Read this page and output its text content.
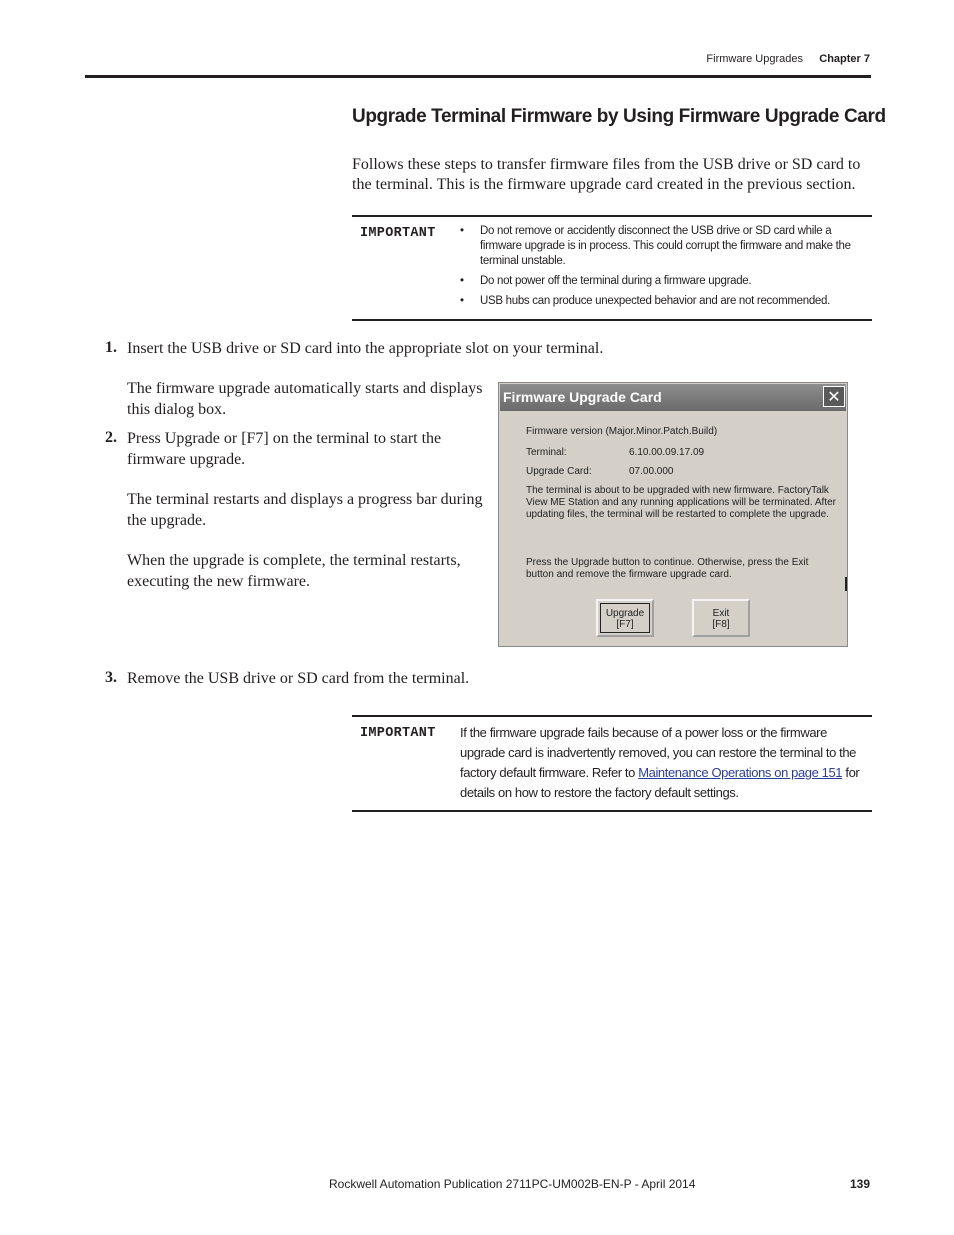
Firmware Upgrades Chapter 7
Upgrade Terminal Firmware by Using Firmware Upgrade Card
Follows these steps to transfer firmware files from the USB drive or SD card to the terminal. This is the firmware upgrade card created in the previous section.
IMPORTANT
•	Do not remove or accidently disconnect the USB drive or SD card while a firmware upgrade is in process. This could corrupt the firmware and make the terminal unstable.
• Do not power off the terminal during a firmware upgrade.
• USB hubs can produce unexpected behavior and are not recommended.
1. Insert the USB drive or SD card into the appropriate slot on your terminal.
The firmware upgrade automatically starts and displays this dialog box.
2. Press Upgrade or [F7] on the terminal to start the firmware upgrade.
The terminal restarts and displays a progress bar during the upgrade.
When the upgrade is complete, the terminal restarts, executing the new firmware.
Firmware Upgrade Card	✕
Firmware version (Major.Minor.Patch.Build)
Terminal:	6.10.00.09.17.09
Upgrade Card:	07.00.000
The terminal is about to be upgraded with new firmware. FactoryTalk View ME Station and any running applications will be terminated. After updating files, the terminal will be restarted to complete the upgrade.
Press the Upgrade button to continue. Otherwise, press the Exit button and remove the firmware upgrade card.
Upgrade
[F7]
Exit
[F8]
3. Remove the USB drive or SD card from the terminal.
IMPORTANT If the firmware upgrade fails because of a power loss or the firmware upgrade card is inadvertently removed, you can restore the terminal to the factory default firmware. Refer to Maintenance Operations on page 151 for details on how to restore the factory default settings.
Rockwell Automation Publication 2711PC-UM002B-EN-P - April 2014	139
